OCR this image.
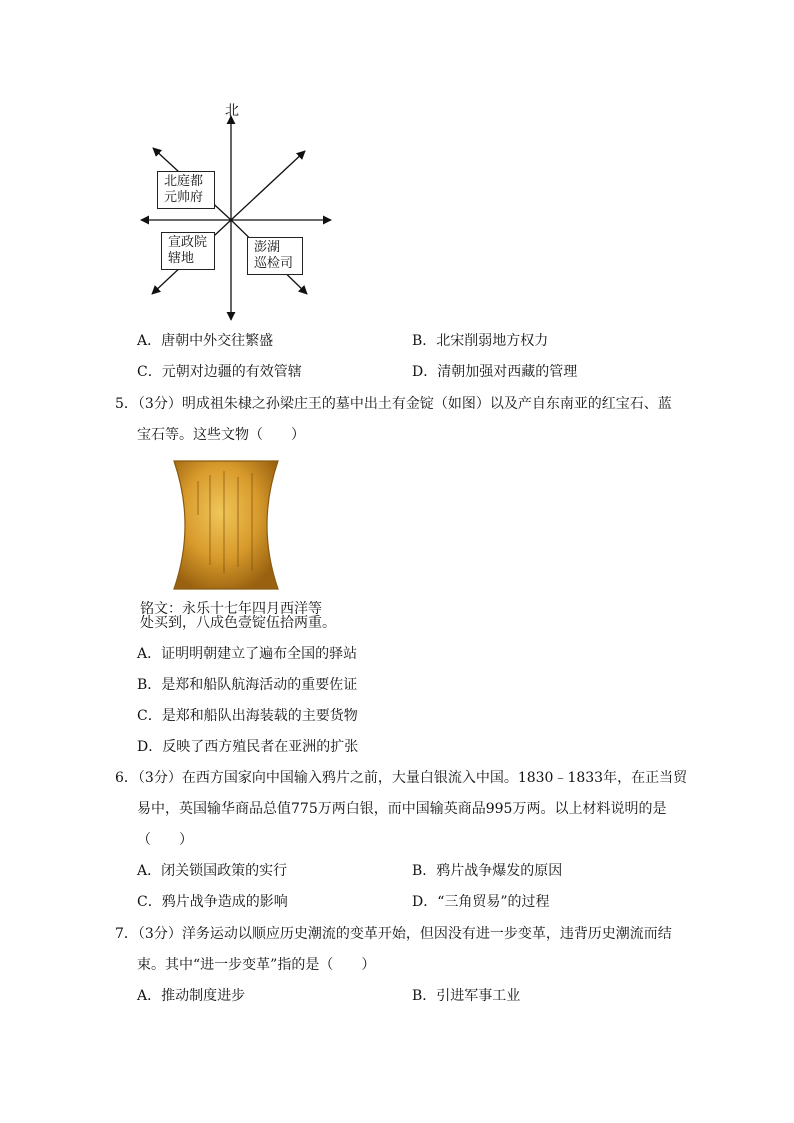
北
北庭都
元帅府
宣政院
辖地
澎湖
巡检司
A．唐朝中外交往繁盛	B．北宋削弱地方权力
C．元朝对边疆的有效管辖	D．清朝加强对西藏的管理
5．（3分）明成祖朱棣之孙梁庄王的墓中出土有金锭（如图）以及产自东南亚的红宝石、蓝
宝石等。这些文物（　　）
铭文：永乐十七年四月西洋等
处买到，八成色壹锭伍拾两重。
A．证明明朝建立了遍布全国的驿站
B．是郑和船队航海活动的重要佐证
C．是郑和船队出海装载的主要货物
D．反映了西方殖民者在亚洲的扩张
6．（3分）在西方国家向中国输入鸦片之前，大量白银流入中国。1830﹣1833年，在正当贸
易中，英国输华商品总值775万两白银，而中国输英商品995万两。以上材料说明的是
（　　）
A．闭关锁国政策的实行	B．鸦片战争爆发的原因
C．鸦片战争造成的影响	D．“三角贸易”的过程
7．（3分）洋务运动以顺应历史潮流的变革开始，但因没有进一步变革，违背历史潮流而结
束。其中“进一步变革”指的是（　　）
A．推动制度进步	B．引进军事工业
